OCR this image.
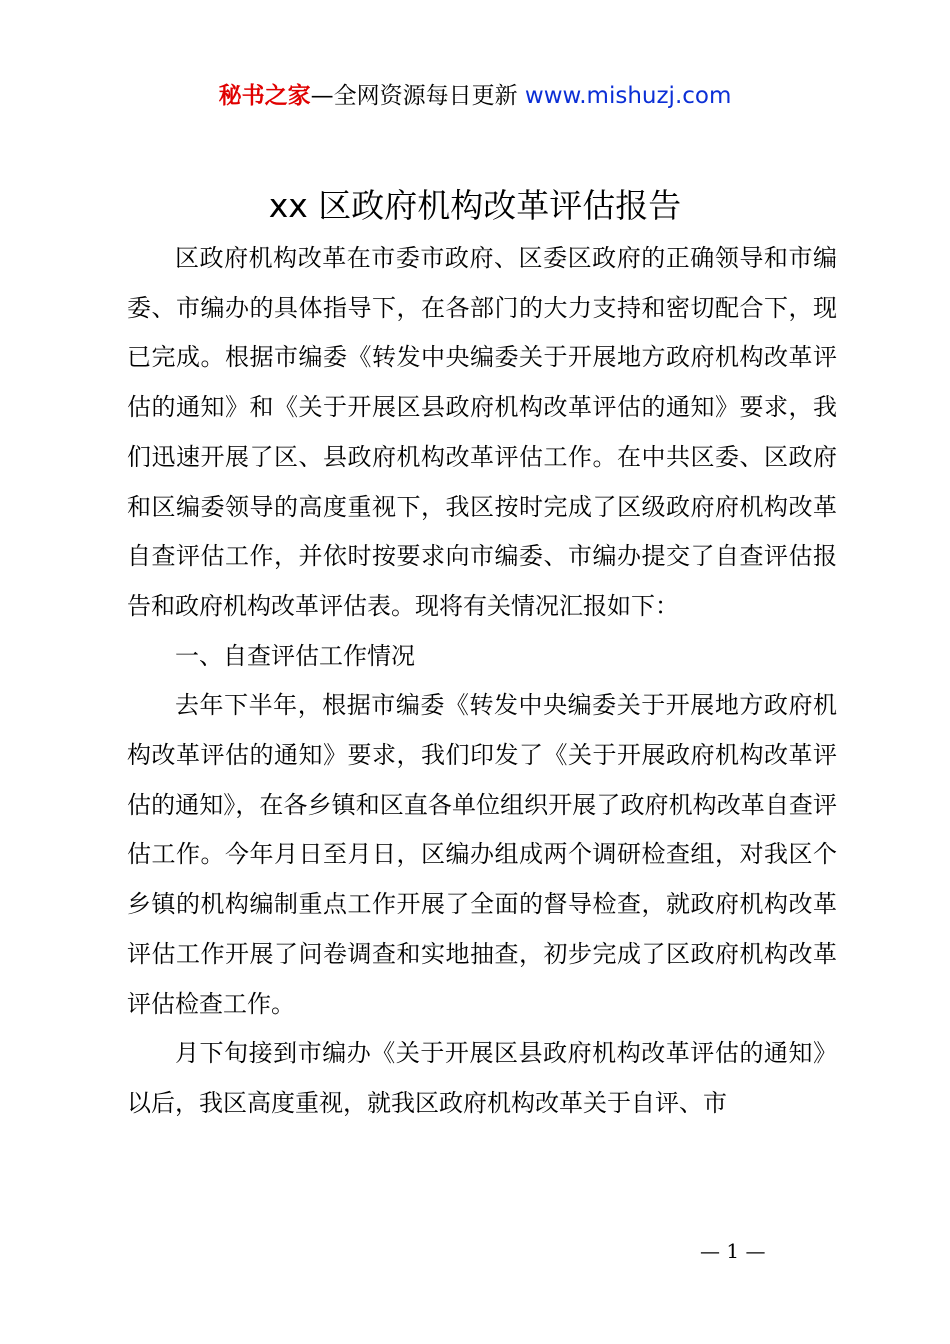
秘书之家—全网资源每日更新 www.mishuzj.com
xx 区政府机构改革评估报告

区政府机构改革在市委市政府、区委区政府的正确领导和市编委、市编办的具体指导下，在各部门的大力支持和密切配合下，现已完成。根据市编委《转发中央编委关于开展地方政府机构改革评估的通知》和《关于开展区县政府机构改革评估的通知》要求，我们迅速开展了区、县政府机构改革评估工作。在中共区委、区政府和区编委领导的高度重视下，我区按时完成了区级政府府机构改革自查评估工作，并依时按要求向市编委、市编办提交了自查评估报告和政府机构改革评估表。现将有关情况汇报如下：

一、自查评估工作情况

去年下半年，根据市编委《转发中央编委关于开展地方政府机构改革评估的通知》要求，我们印发了《关于开展政府机构改革评估的通知》，在各乡镇和区直各单位组织开展了政府机构改革自查评估工作。今年月日至月日，区编办组成两个调研检查组，对我区个乡镇的机构编制重点工作开展了全面的督导检查，就政府机构改革评估工作开展了问卷调查和实地抽查，初步完成了区政府机构改革评估检查工作。

月下旬接到市编办《关于开展区县政府机构改革评估的通知》以后，我区高度重视，就我区政府机构改革关于自评、市

— 1 —
